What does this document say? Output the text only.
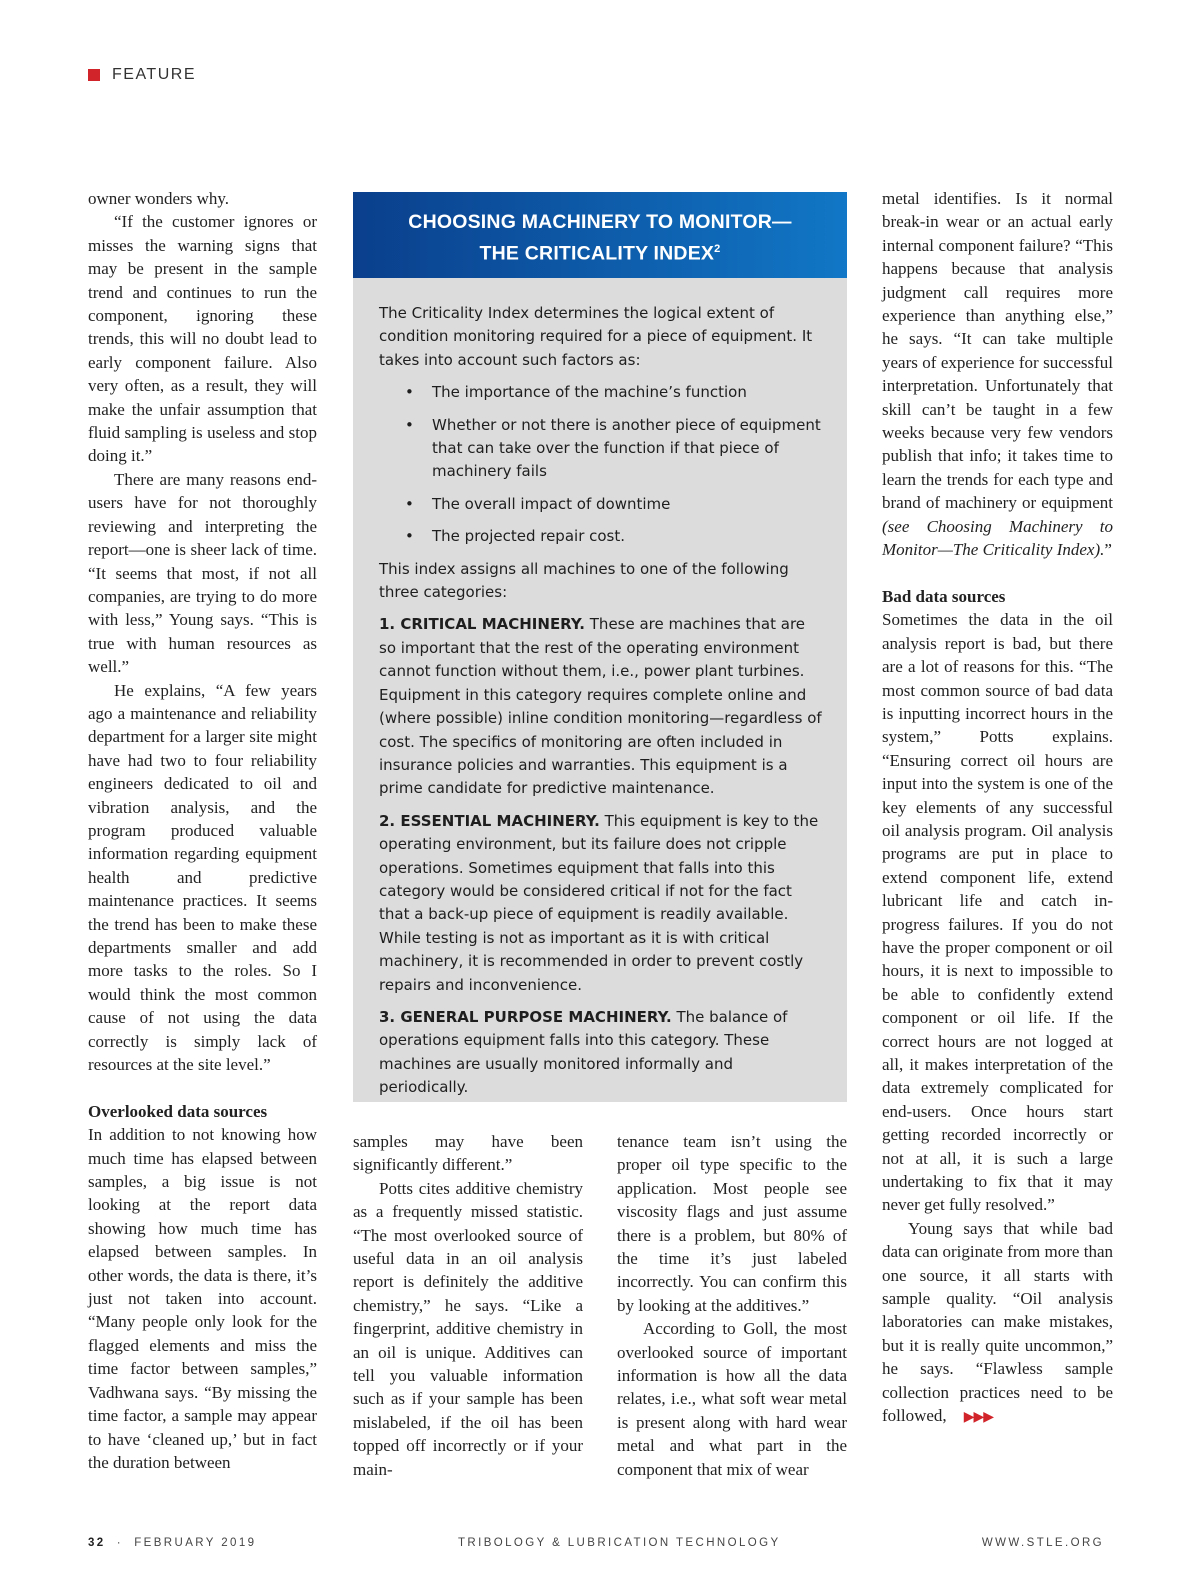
FEATURE

owner wonders why.

“If the customer ignores or misses the warning signs that may be present in the sample trend and continues to run the component, ignoring these trends, this will no doubt lead to early component failure. Also very often, as a result, they will make the unfair assumption that fluid sampling is useless and stop doing it.”

There are many reasons end-users have for not thoroughly reviewing and interpreting the report—one is sheer lack of time. “It seems that most, if not all companies, are trying to do more with less,” Young says. “This is true with human resources as well.”

He explains, “A few years ago a maintenance and reliability department for a larger site might have had two to four reliability engineers dedicated to oil and vibration analysis, and the program produced valuable information regarding equipment health and predictive maintenance practices. It seems the trend has been to make these departments smaller and add more tasks to the roles. So I would think the most common cause of not using the data correctly is simply lack of resources at the site level.”

Overlooked data sources

In addition to not knowing how much time has elapsed between samples, a big issue is not looking at the report data showing how much time has elapsed between samples. In other words, the data is there, it’s just not taken into account. “Many people only look for the flagged elements and miss the time factor between samples,” Vadhwana says. “By missing the time factor, a sample may appear to have ‘cleaned up,’ but in fact the duration between

CHOOSING MACHINERY TO MONITOR—
THE CRITICALITY INDEX$^2$

The Criticality Index determines the logical extent of condition monitoring required for a piece of equipment. It takes into account such factors as:

• The importance of the machine’s function
• Whether or not there is another piece of equipment that can take over the function if that piece of machinery fails
• The overall impact of downtime
• The projected repair cost.

This index assigns all machines to one of the following three categories:

1. CRITICAL MACHINERY. These are machines that are so important that the rest of the operating environment cannot function without them, i.e., power plant turbines. Equipment in this category requires complete online and (where possible) inline condition monitoring—regardless of cost. The specifics of monitoring are often included in insurance policies and warranties. This equipment is a prime candidate for predictive maintenance.

2. ESSENTIAL MACHINERY. This equipment is key to the operating environment, but its failure does not cripple operations. Sometimes equipment that falls into this category would be considered critical if not for the fact that a back-up piece of equipment is readily available. While testing is not as important as it is with critical machinery, it is recommended in order to prevent costly repairs and inconvenience.

3. GENERAL PURPOSE MACHINERY. The balance of operations equipment falls into this category. These machines are usually monitored informally and periodically.

samples may have been significantly different.”

Potts cites additive chemistry as a frequently missed statistic. “The most overlooked source of useful data in an oil analysis report is definitely the additive chemistry,” he says. “Like a fingerprint, additive chemistry in an oil is unique. Additives can tell you valuable information such as if your sample has been mislabeled, if the oil has been topped off incorrectly or if your main-

tenance team isn’t using the proper oil type specific to the application. Most people see viscosity flags and just assume there is a problem, but 80% of the time it’s just labeled incorrectly. You can confirm this by looking at the additives.”

According to Goll, the most overlooked source of important information is how all the data relates, i.e., what soft wear metal is present along with hard wear metal and what part in the component that mix of wear

metal identifies. Is it normal break-in wear or an actual early internal component failure? “This happens because that analysis judgment call requires more experience than anything else,” he says. “It can take multiple years of experience for successful interpretation. Unfortunately that skill can’t be taught in a few weeks because very few vendors publish that info; it takes time to learn the trends for each type and brand of machinery or equipment (see Choosing Machinery to Monitor—The Criticality Index).”

Bad data sources

Sometimes the data in the oil analysis report is bad, but there are a lot of reasons for this. “The most common source of bad data is inputting incorrect hours in the system,” Potts explains. “Ensuring correct oil hours are input into the system is one of the key elements of any successful oil analysis program. Oil analysis programs are put in place to extend component life, extend lubricant life and catch in-progress failures. If you do not have the proper component or oil hours, it is next to impossible to be able to confidently extend component or oil life. If the correct hours are not logged at all, it makes interpretation of the data extremely complicated for end-users. Once hours start getting recorded incorrectly or not at all, it is such a large undertaking to fix that it may never get fully resolved.”

Young says that while bad data can originate from more than one source, it all starts with sample quality. “Oil analysis laboratories can make mistakes, but it is really quite uncommon,” he says. “Flawless sample collection practices need to be followed, ▶▶▶

32 · FEBRUARY 2019	TRIBOLOGY & LUBRICATION TECHNOLOGY	WWW.STLE.ORG
